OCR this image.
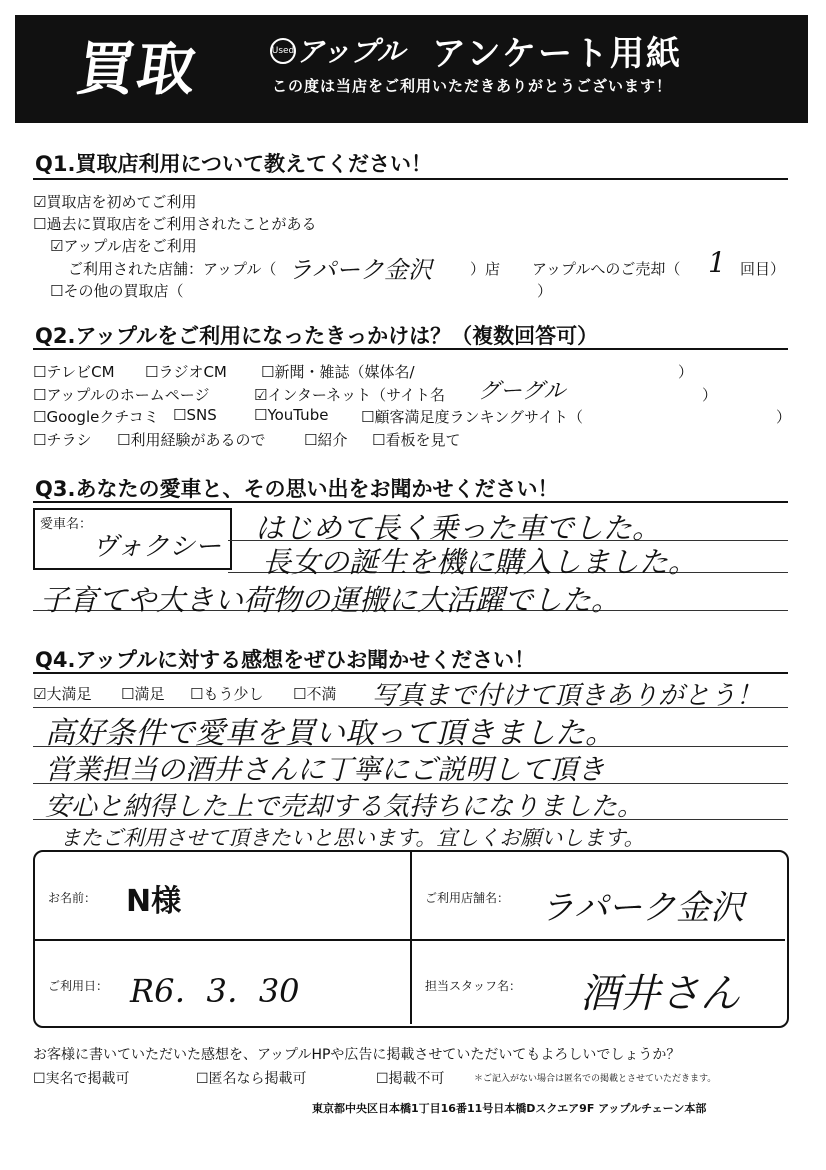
買取	Used アップル アンケート用紙
この度は当店をご利用いただきありがとうございます！
Q1.買取店利用について教えてください！
☑買取店を初めてご利用
☐過去に買取店をご利用されたことがある
☑アップル店をご利用
ご利用された店舗：アップル（ ラパーク金沢	）店 アップルへのご売却（ 1 回目）
☐その他の買取店（	）
Q2.アップルをご利用になったきっかけは？（複数回答可）
☐テレビCM ☐ラジオCM ☐新聞・雑誌（媒体名/	）
☐アップルのホームページ	☑インターネット（サイト名 グーグル	）
☐Googleクチコミ ☐SNS ☐YouTube ☐顧客満足度ランキングサイト（	）
☐チラシ ☐利用経験があるので	☐紹介 ☐看板を見て
Q3.あなたの愛車と、その思い出をお聞かせください！
愛車名：
ヴォクシー
はじめて長く乗った車でした。
長女の誕生を機に購入しました。
子育てや大きい荷物の運搬に大活躍でした。
Q4.アップルに対する感想をぜひお聞かせください！
☑大満足 ☐満足 ☐もう少し ☐不満 写真まで付けて頂きありがとう！
高好条件で愛車を買い取って頂きました。
営業担当の酒井さんに丁寧にご説明して頂き
安心と納得した上で売却する気持ちになりました。
またご利用させて頂きたいと思います。宜しくお願いします。
お名前： N様	ご利用店舗名： ラパーク金沢
ご利用日： R6．3．30	担当スタッフ名： 酒井さん
お客様に書いていただいた感想を、アップルHPや広告に掲載させていただいてもよろしいでしょうか？
☐実名で掲載可	☐匿名なら掲載可	☐掲載不可	＊ご記入がない場合は匿名での掲載とさせていただきます。
東京都中央区日本橋1丁目16番11号日本橋Dスクエア9F アップルチェーン本部
